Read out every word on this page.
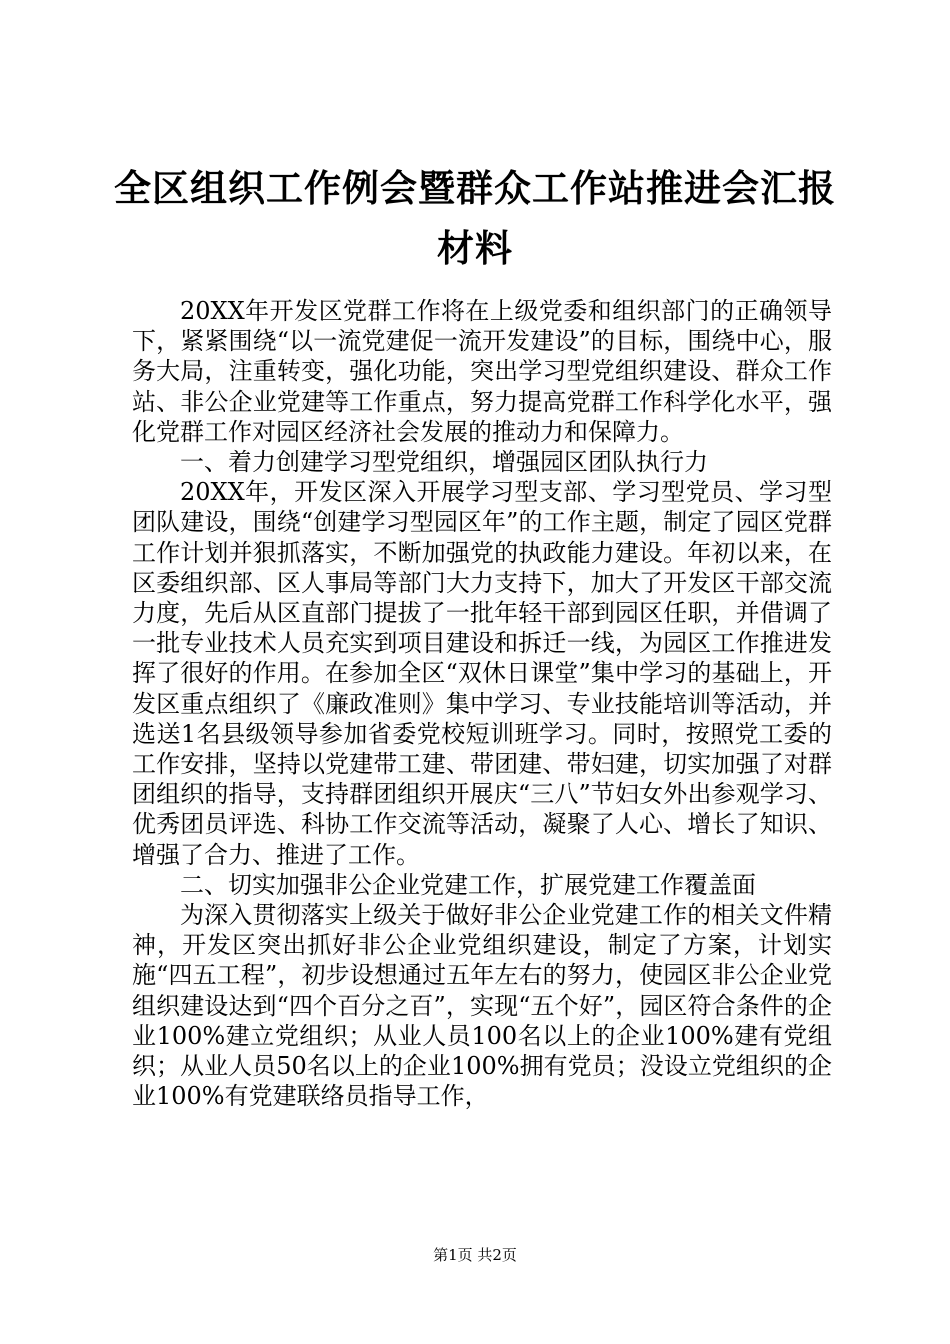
全区组织工作例会暨群众工作站推进会汇报材料

20XX年开发区党群工作将在上级党委和组织部门的正确领导下，紧紧围绕“以一流党建促一流开发建设”的目标，围绕中心，服务大局，注重转变，强化功能，突出学习型党组织建设、群众工作站、非公企业党建等工作重点，努力提高党群工作科学化水平，强化党群工作对园区经济社会发展的推动力和保障力。

一、着力创建学习型党组织，增强园区团队执行力

20XX年，开发区深入开展学习型支部、学习型党员、学习型团队建设，围绕“创建学习型园区年”的工作主题，制定了园区党群工作计划并狠抓落实，不断加强党的执政能力建设。年初以来，在区委组织部、区人事局等部门大力支持下，加大了开发区干部交流力度，先后从区直部门提拔了一批年轻干部到园区任职，并借调了一批专业技术人员充实到项目建设和拆迁一线，为园区工作推进发挥了很好的作用。在参加全区“双休日课堂”集中学习的基础上，开发区重点组织了《廉政准则》集中学习、专业技能培训等活动，并选送1名县级领导参加省委党校短训班学习。同时，按照党工委的工作安排，坚持以党建带工建、带团建、带妇建，切实加强了对群团组织的指导，支持群团组织开展庆“三八”节妇女外出参观学习、优秀团员评选、科协工作交流等活动，凝聚了人心、增长了知识、增强了合力、推进了工作。

二、切实加强非公企业党建工作，扩展党建工作覆盖面

为深入贯彻落实上级关于做好非公企业党建工作的相关文件精神，开发区突出抓好非公企业党组织建设，制定了方案，计划实施“四五工程”，初步设想通过五年左右的努力，使园区非公企业党组织建设达到“四个百分之百”，实现“五个好”，园区符合条件的企业100%建立党组织；从业人员100名以上的企业100%建有党组织；从业人员50名以上的企业100%拥有党员；没设立党组织的企业100%有党建联络员指导工作，

第1页 共2页
